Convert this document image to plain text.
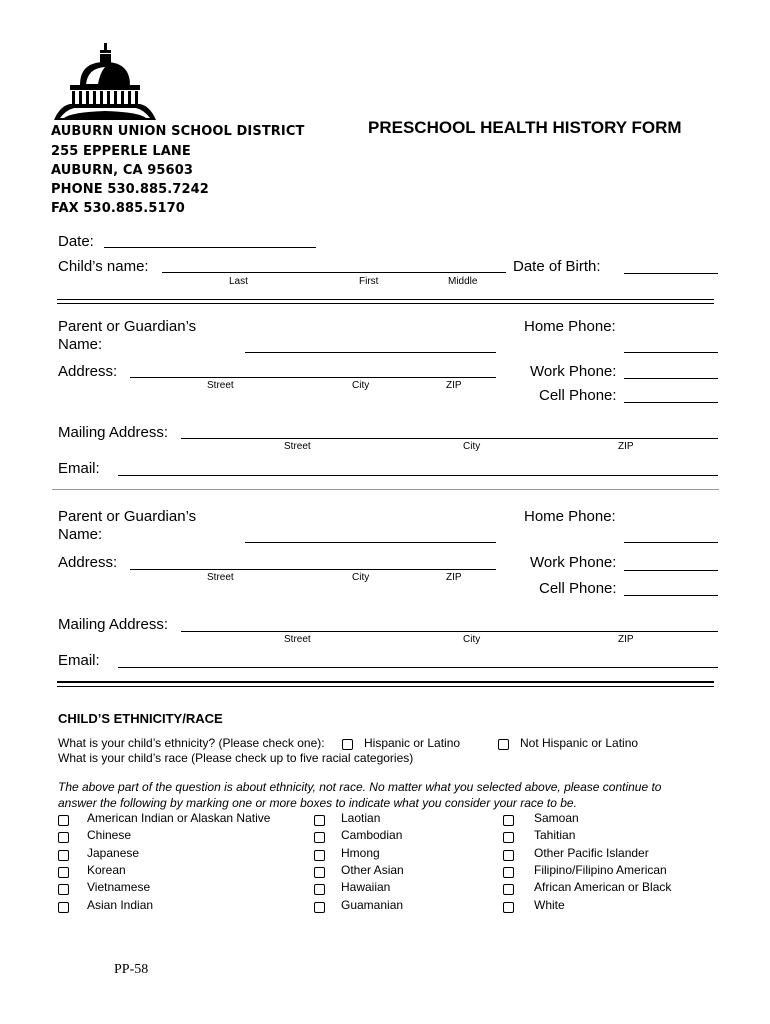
AUBURN UNION SCHOOL DISTRICT
255 EPPERLE LANE
AUBURN, CA 95603
PHONE 530.885.7242
FAX 530.885.5170
PRESCHOOL HEALTH HISTORY FORM
Date:
Child’s name:	Date of Birth:
Last	First	Middle
Parent or Guardian’s
Name:
Home Phone:
Address:	Work Phone:
Street	City	ZIP
Cell Phone:
Mailing Address:
Street	City	ZIP
Email:
Parent or Guardian’s
Name:
Home Phone:
Address:	Work Phone:
Street	City	ZIP
Cell Phone:
Mailing Address:
Street	City	ZIP
Email:
CHILD’S ETHNICITY/RACE
What is your child’s ethnicity? (Please check one):	Hispanic or Latino	Not Hispanic or Latino
What is your child’s race (Please check up to five racial categories)
The above part of the question is about ethnicity, not race. No matter what you selected above, please continue to
answer the following by marking one or more boxes to indicate what you consider your race to be.
American Indian or Alaskan Native
Chinese
Japanese
Korean
Vietnamese
Asian Indian
Laotian
Cambodian
Hmong
Other Asian
Hawaiian
Guamanian
Samoan
Tahitian
Other Pacific Islander
Filipino/Filipino American
African American or Black
White
PP-58
